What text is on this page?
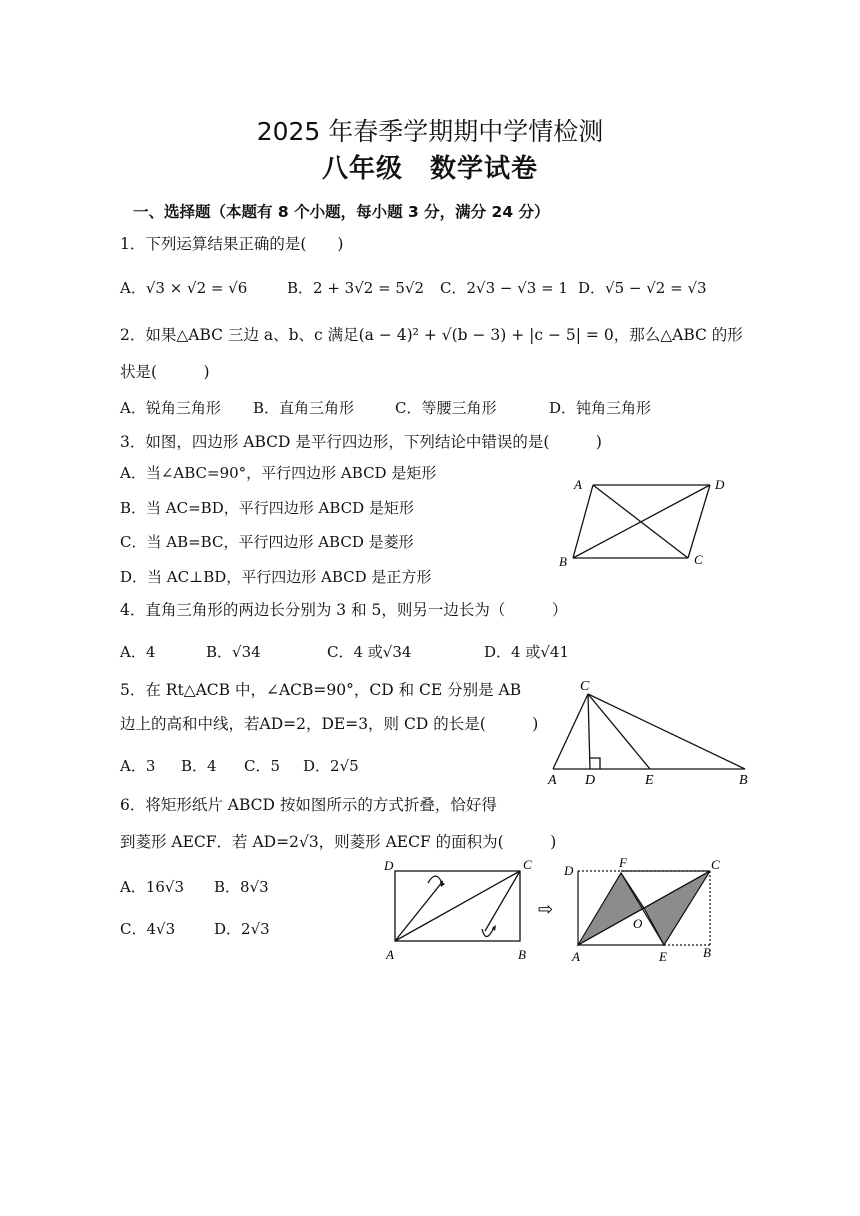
2025 年春季学期期中学情检测
八年级　数学试卷
一、选择题（本题有 8 个小题，每小题 3 分，满分 24 分）
1．下列运算结果正确的是(　　)
A．√3 × √2 = √6	B．2 + 3√2 = 5√2 C．2√3 − √3 = 1 D．√5 − √2 = √3
2．如果△ABC 三边 a、b、c 满足(a − 4)² + √(b − 3) + |c − 5| = 0，那么△ABC 的形
状是(　　　)
A．锐角三角形 B．直角三角形	C．等腰三角形	D．钝角三角形
3．如图，四边形 ABCD 是平行四边形，下列结论中错误的是(　　　)
A．当∠ABC=90°，平行四边形 ABCD 是矩形
B．当 AC=BD，平行四边形 ABCD 是矩形
C．当 AB=BC，平行四边形 ABCD 是菱形
D．当 AC⊥BD，平行四边形 ABCD 是正方形
A	D
B	C
4．直角三角形的两边长分别为 3 和 5，则另一边长为（　　　）
A．4	B．√34	C．4 或√34	D．4 或√41
5．在 Rt△ACB 中，∠ACB=90°，CD 和 CE 分别是 AB
边上的高和中线，若AD=2，DE=3，则 CD 的长是(　　　)
A．3 B．4 C．5 D．2√5
C
A D	E	B
6．将矩形纸片 ABCD 按如图所示的方式折叠，恰好得
到菱形 AECF．若 AD=2√3，则菱形 AECF 的面积为(　　　)
A．16√3 B．8√3
C．4√3	D．2√3
D	C
A	B
⇨
D
F	C
O
A	E	B
